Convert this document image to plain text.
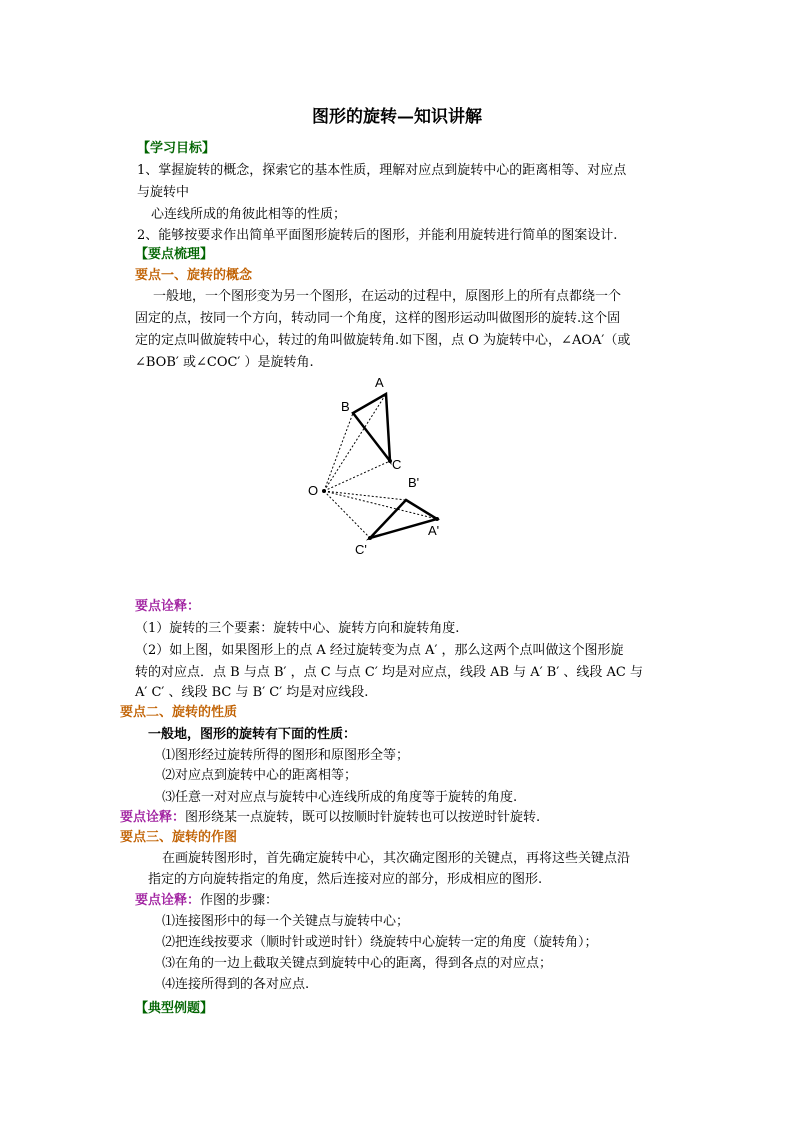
图形的旋转—知识讲解
【学习目标】
1、掌握旋转的概念，探索它的基本性质，理解对应点到旋转中心的距离相等、对应点
与旋转中
心连线所成的角彼此相等的性质；
2、能够按要求作出简单平面图形旋转后的图形，并能利用旋转进行简单的图案设计.
【要点梳理】
要点一、旋转的概念
一般地，一个图形变为另一个图形，在运动的过程中，原图形上的所有点都绕一个
固定的点，按同一个方向，转动同一个角度，这样的图形运动叫做图形的旋转.这个固
定的定点叫做旋转中心，转过的角叫做旋转角.如下图，点 O 为旋转中心，∠AOA′（或
∠BOB′ 或∠COC′ ）是旋转角.
A
B
C
O
B'
A'
C'
要点诠释：
（1）旋转的三个要素：旋转中心、旋转方向和旋转角度.
（2）如上图，如果图形上的点 A 经过旋转变为点 A′ ，那么这两个点叫做这个图形旋
转的对应点．点 B 与点 B′ ，点 C 与点 C′ 均是对应点，线段 AB 与 A′ B′ 、线段 AC 与
A′ C′ 、线段 BC 与 B′ C′ 均是对应线段.
要点二、旋转的性质
一般地，图形的旋转有下面的性质：
⑴图形经过旋转所得的图形和原图形全等；
⑵对应点到旋转中心的距离相等；
⑶任意一对对应点与旋转中心连线所成的角度等于旋转的角度.
要点诠释：图形绕某一点旋转，既可以按顺时针旋转也可以按逆时针旋转.
要点三、旋转的作图
在画旋转图形时，首先确定旋转中心，其次确定图形的关键点，再将这些关键点沿
指定的方向旋转指定的角度，然后连接对应的部分，形成相应的图形.
要点诠释：作图的步骤：
⑴连接图形中的每一个关键点与旋转中心；
⑵把连线按要求（顺时针或逆时针）绕旋转中心旋转一定的角度（旋转角）；
⑶在角的一边上截取关键点到旋转中心的距离，得到各点的对应点；
⑷连接所得到的各对应点.
【典型例题】
